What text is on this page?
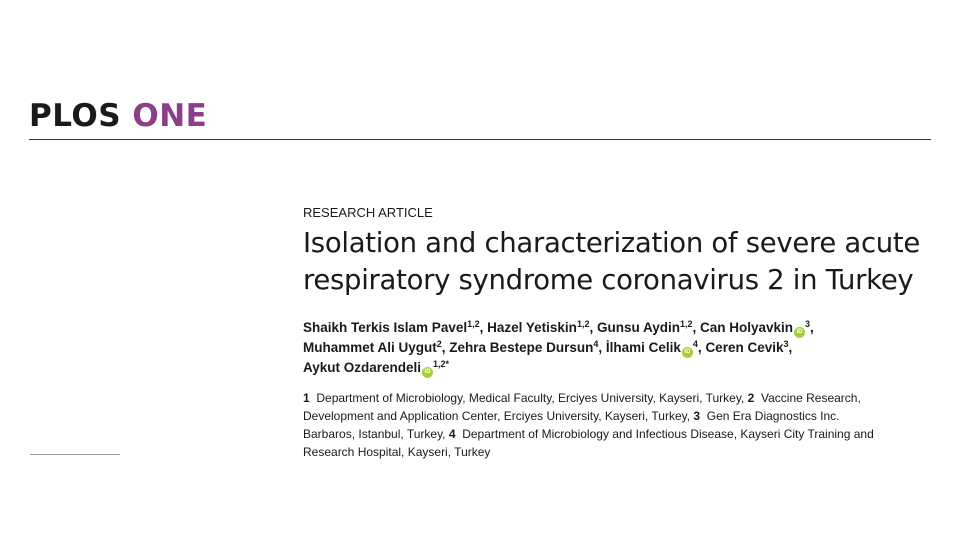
PLOS ONE
RESEARCH ARTICLE
Isolation and characterization of severe acute
respiratory syndrome coronavirus 2 in Turkey
Shaikh Terkis Islam Pavel$^{1,2}$, Hazel Yetiskin$^{1,2}$, Gunsu Aydin$^{1,2}$, Can Holyavkin $iD^3$,
Muhammet Ali Uygut$^2$, Zehra Bestepe Dursun$^4$, İlhami Celik $iD^4$, Ceren Cevik$^3$,
Aykut Ozdarendeli $iD^{1,2*}$
1 Department of Microbiology, Medical Faculty, Erciyes University, Kayseri, Turkey, 2 Vaccine Research,
Development and Application Center, Erciyes University, Kayseri, Turkey, 3 Gen Era Diagnostics Inc.
Barbaros, Istanbul, Turkey, 4 Department of Microbiology and Infectious Disease, Kayseri City Training and
Research Hospital, Kayseri, Turkey
